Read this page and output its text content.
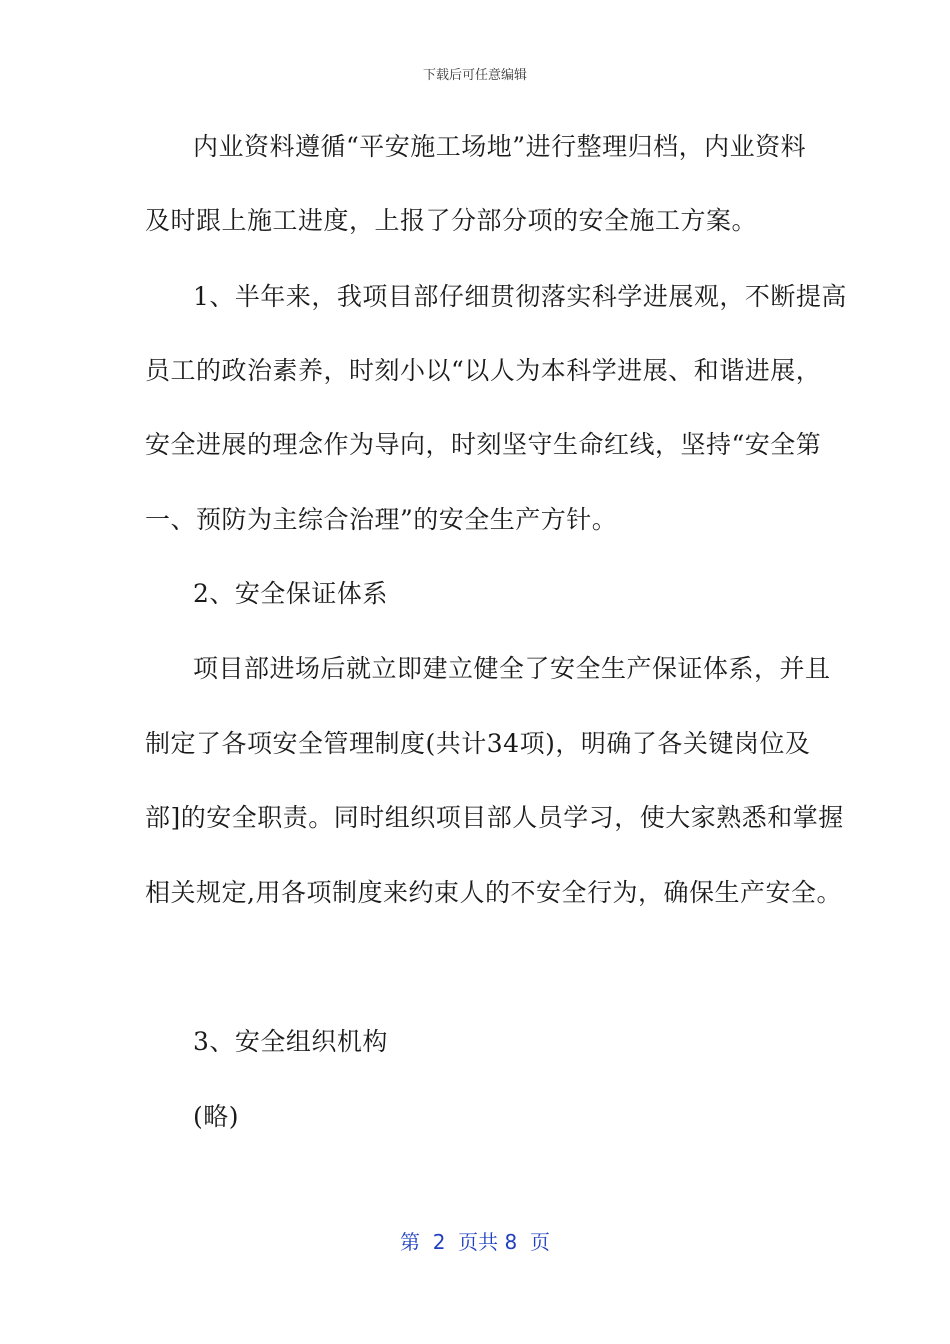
下载后可任意编辑
内业资料遵循“平安施工场地”进行整理归档，内业资料
及时跟上施工进度，上报了分部分项的安全施工方案。
1、半年来，我项目部仔细贯彻落实科学进展观，不断提高
员工的政治素养，时刻小以“以人为本科学进展、和谐进展，
安全进展的理念作为导向，时刻坚守生命红线，坚持“安全第
一、预防为主综合治理”的安全生产方针。
2、安全保证体系
项目部进场后就立即建立健全了安全生产保证体系，并且
制定了各项安全管理制度(共计34项)，明确了各关键岗位及
部]的安全职责。同时组织项目部人员学习，使大家熟悉和掌握
相关规定,用各项制度来约束人的不安全行为，确保生产安全。
3、安全组织机构
(略)
第  2  页共 8  页
